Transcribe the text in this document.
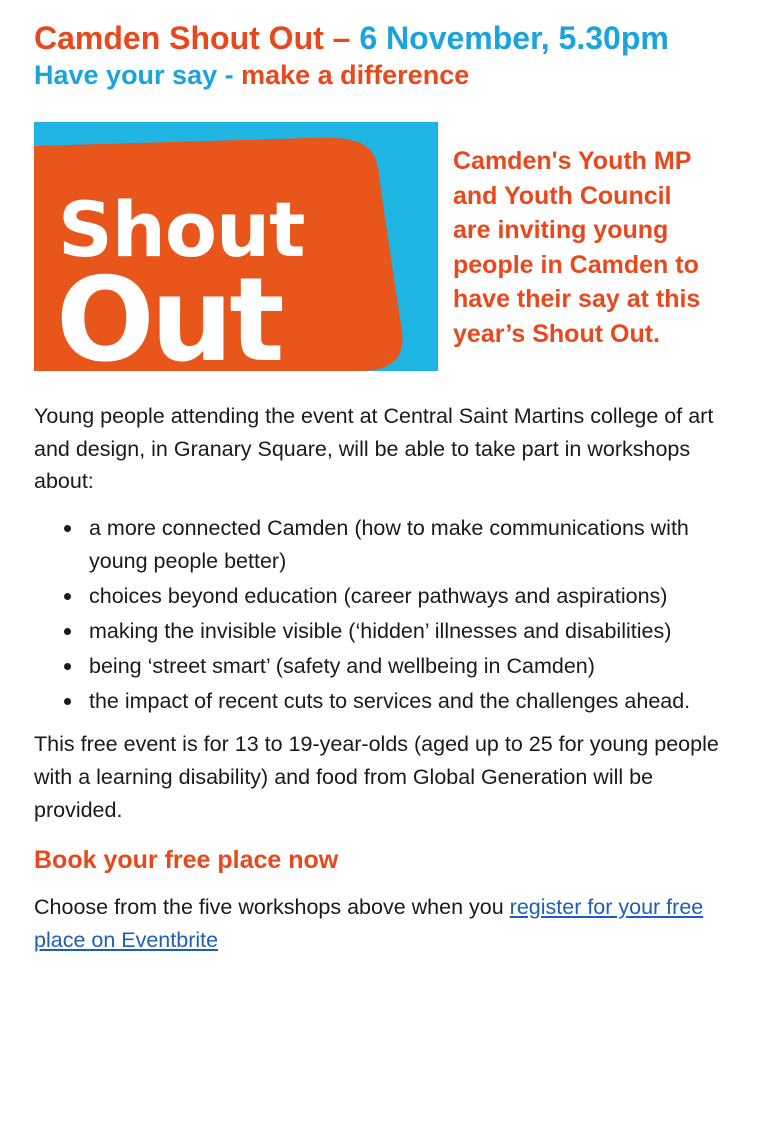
Camden Shout Out – 6 November, 5.30pm
Have your say - make a difference
Shout
Out
Camden's Youth MP
and Youth Council
are inviting young
people in Camden to
have their say at this
year’s Shout Out.

Young people attending the event at Central Saint Martins college of art and design, in Granary Square, will be able to take part in workshops about:

a more connected Camden (how to make communications with young people better)
choices beyond education (career pathways and aspirations)
making the invisible visible (‘hidden’ illnesses and disabilities)
being ‘street smart’ (safety and wellbeing in Camden)
the impact of recent cuts to services and the challenges ahead.

This free event is for 13 to 19-year-olds (aged up to 25 for young people with a learning disability) and food from Global Generation will be provided.

Book your free place now

Choose from the five workshops above when you register for your free place on Eventbrite
